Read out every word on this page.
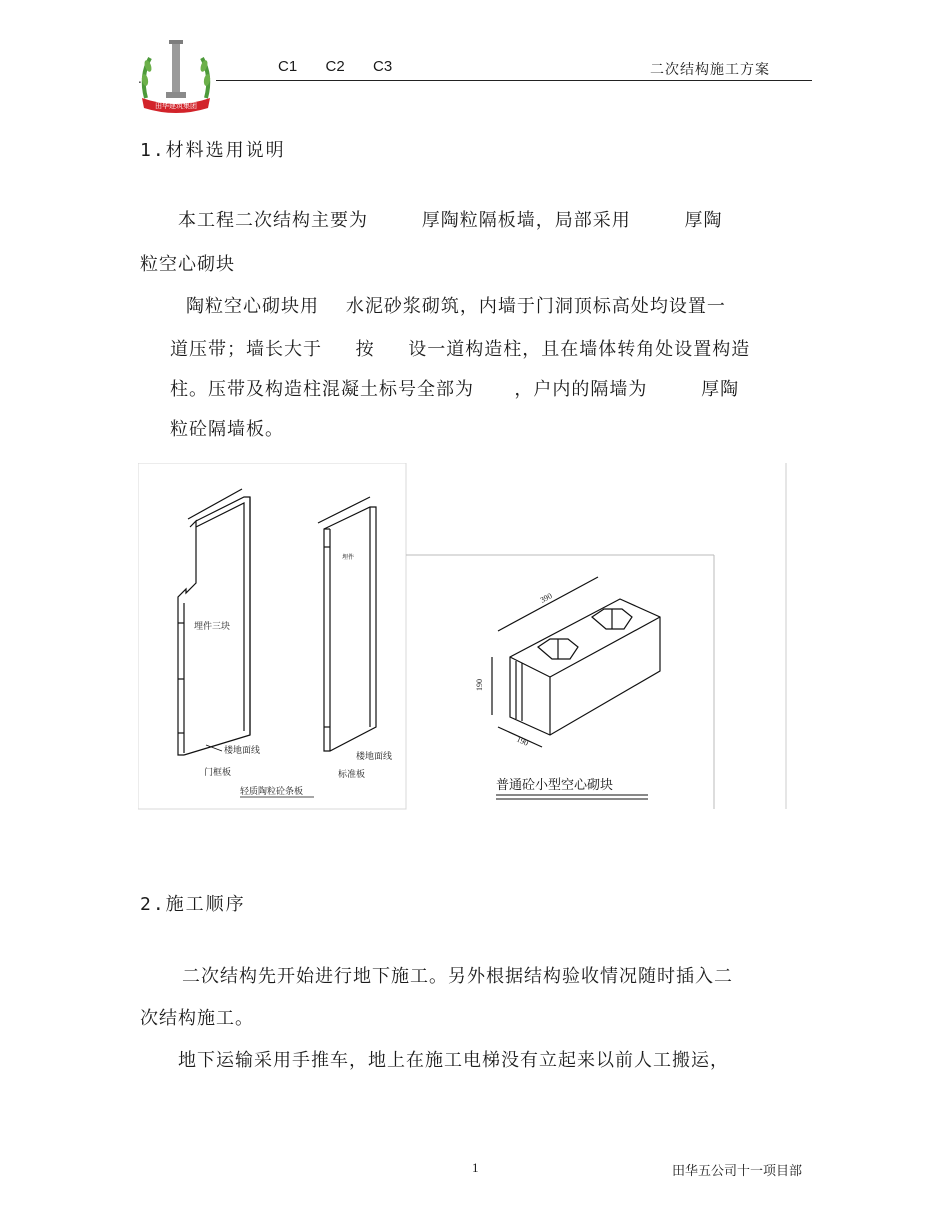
田华建筑集团
.
C1  C2  C3	二次结构施工方案
1.材料选用说明
本工程二次结构主要为        厚陶粒隔板墙，局部采用        厚陶
粒空心砌块
陶粒空心砌块用    水泥砂浆砌筑，内墙于门洞顶标高处均设置一
道压带；墙长大于     按     设一道构造柱，且在墙体转角处设置构造
柱。压带及构造柱混凝土标号全部为      ，户内的隔墙为        厚陶
粒砼隔墙板。
埋件三块
楼地面线
门框板
埋件
楼地面线
标准板
轻质陶粒砼条板
390
190
190
普通砼小型空心砌块
2.施工顺序
二次结构先开始进行地下施工。另外根据结构验收情况随时插入二
次结构施工。
地下运输采用手推车，地上在施工电梯没有立起来以前人工搬运，
1	田华五公司十一项目部
